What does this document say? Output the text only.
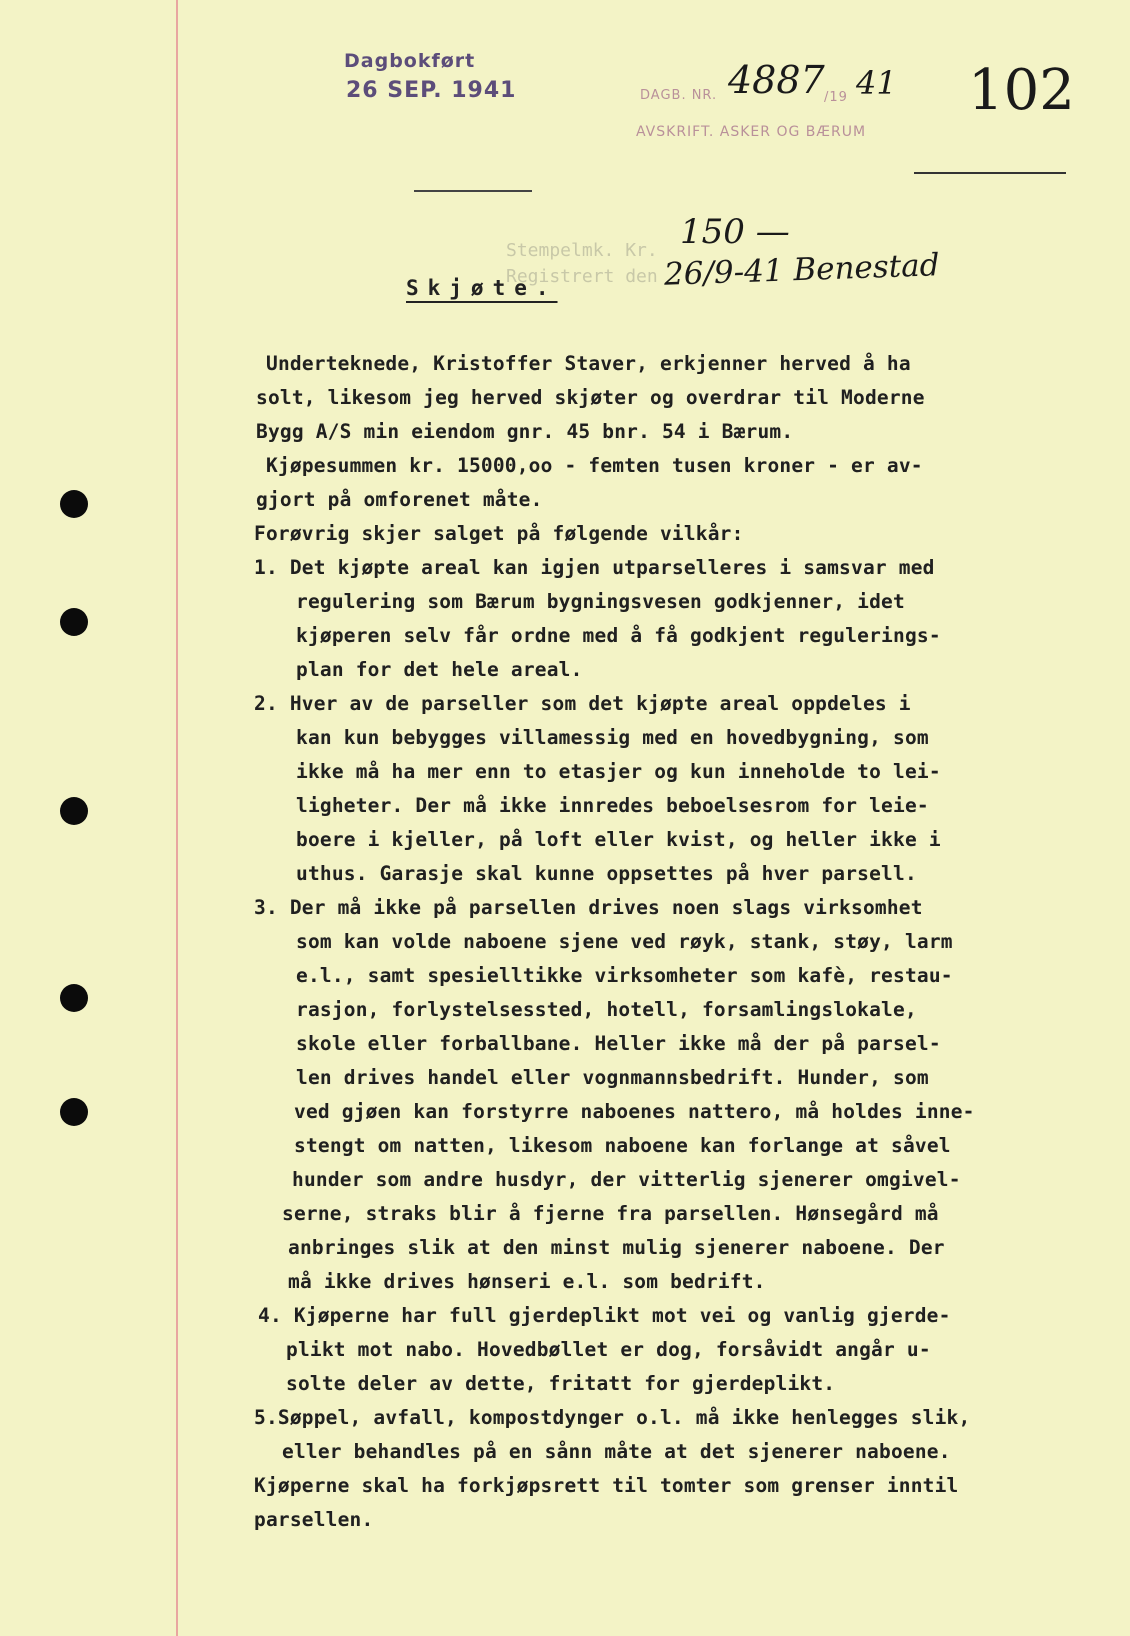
Dagbokført
26 SEP. 1941	DAGB. NR. 4887 /19 41
AVSKRIFT. ASKER OG BÆRUM
102
Stempelmk. Kr.
Registrert den
150 —
26/9-41 Benestad
Skjøte.
Underteknede, Kristoffer Staver, erkjenner herved å ha
solt, likesom jeg herved skjøter og overdrar til Moderne
Bygg A/S min eiendom gnr. 45 bnr. 54 i Bærum.
Kjøpesummen kr. 15000,oo - femten tusen kroner - er av-
gjort på omforenet måte.
Forøvrig skjer salget på følgende vilkår:
1. Det kjøpte areal kan igjen utparselleres i samsvar med
regulering som Bærum bygningsvesen godkjenner, idet
kjøperen selv får ordne med å få godkjent regulerings-
plan for det hele areal.
2. Hver av de parseller som det kjøpte areal oppdeles i
kan kun bebygges villamessig med en hovedbygning, som
ikke må ha mer enn to etasjer og kun inneholde to lei-
ligheter. Der må ikke innredes beboelsesrom for leie-
boere i kjeller, på loft eller kvist, og heller ikke i
uthus. Garasje skal kunne oppsettes på hver parsell.
3. Der må ikke på parsellen drives noen slags virksomhet
som kan volde naboene sjene ved røyk, stank, støy, larm
e.l., samt spesielltikke virksomheter som kafè, restau-
rasjon, forlystelsessted, hotell, forsamlingslokale,
skole eller forballbane. Heller ikke må der på parsel-
len drives handel eller vognmannsbedrift. Hunder, som
ved gjøen kan forstyrre naboenes nattero, må holdes inne-
stengt om natten, likesom naboene kan forlange at såvel
hunder som andre husdyr, der vitterlig sjenerer omgivel-
serne, straks blir å fjerne fra parsellen. Hønsegård må
anbringes slik at den minst mulig sjenerer naboene. Der
må ikke drives hønseri e.l. som bedrift.
4. Kjøperne har full gjerdeplikt mot vei og vanlig gjerde-
plikt mot nabo. Hovedbøllet er dog, forsåvidt angår u-
solte deler av dette, fritatt for gjerdeplikt.
5.Søppel, avfall, kompostdynger o.l. må ikke henlegges slik,
eller behandles på en sånn måte at det sjenerer naboene.
Kjøperne skal ha forkjøpsrett til tomter som grenser inntil
parsellen.
